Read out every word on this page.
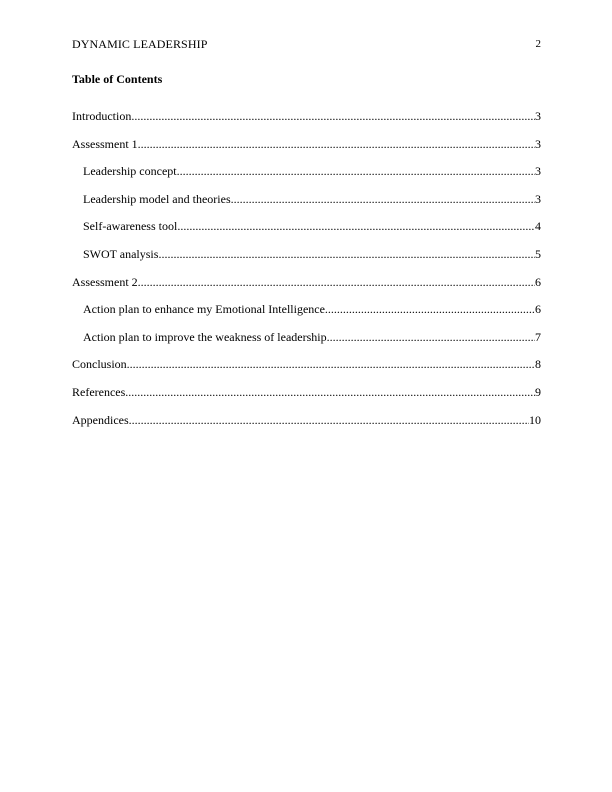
DYNAMIC LEADERSHIP	2
Table of Contents
Introduction .....	3
Assessment 1 .....	3
Leadership concept .....	3
Leadership model and theories .....	3
Self-awareness tool .....	4
SWOT analysis .....	5
Assessment 2 .....	6
Action plan to enhance my Emotional Intelligence .....	6
Action plan to improve the weakness of leadership .....	7
Conclusion .....	8
References .....	9
Appendices .....	10
